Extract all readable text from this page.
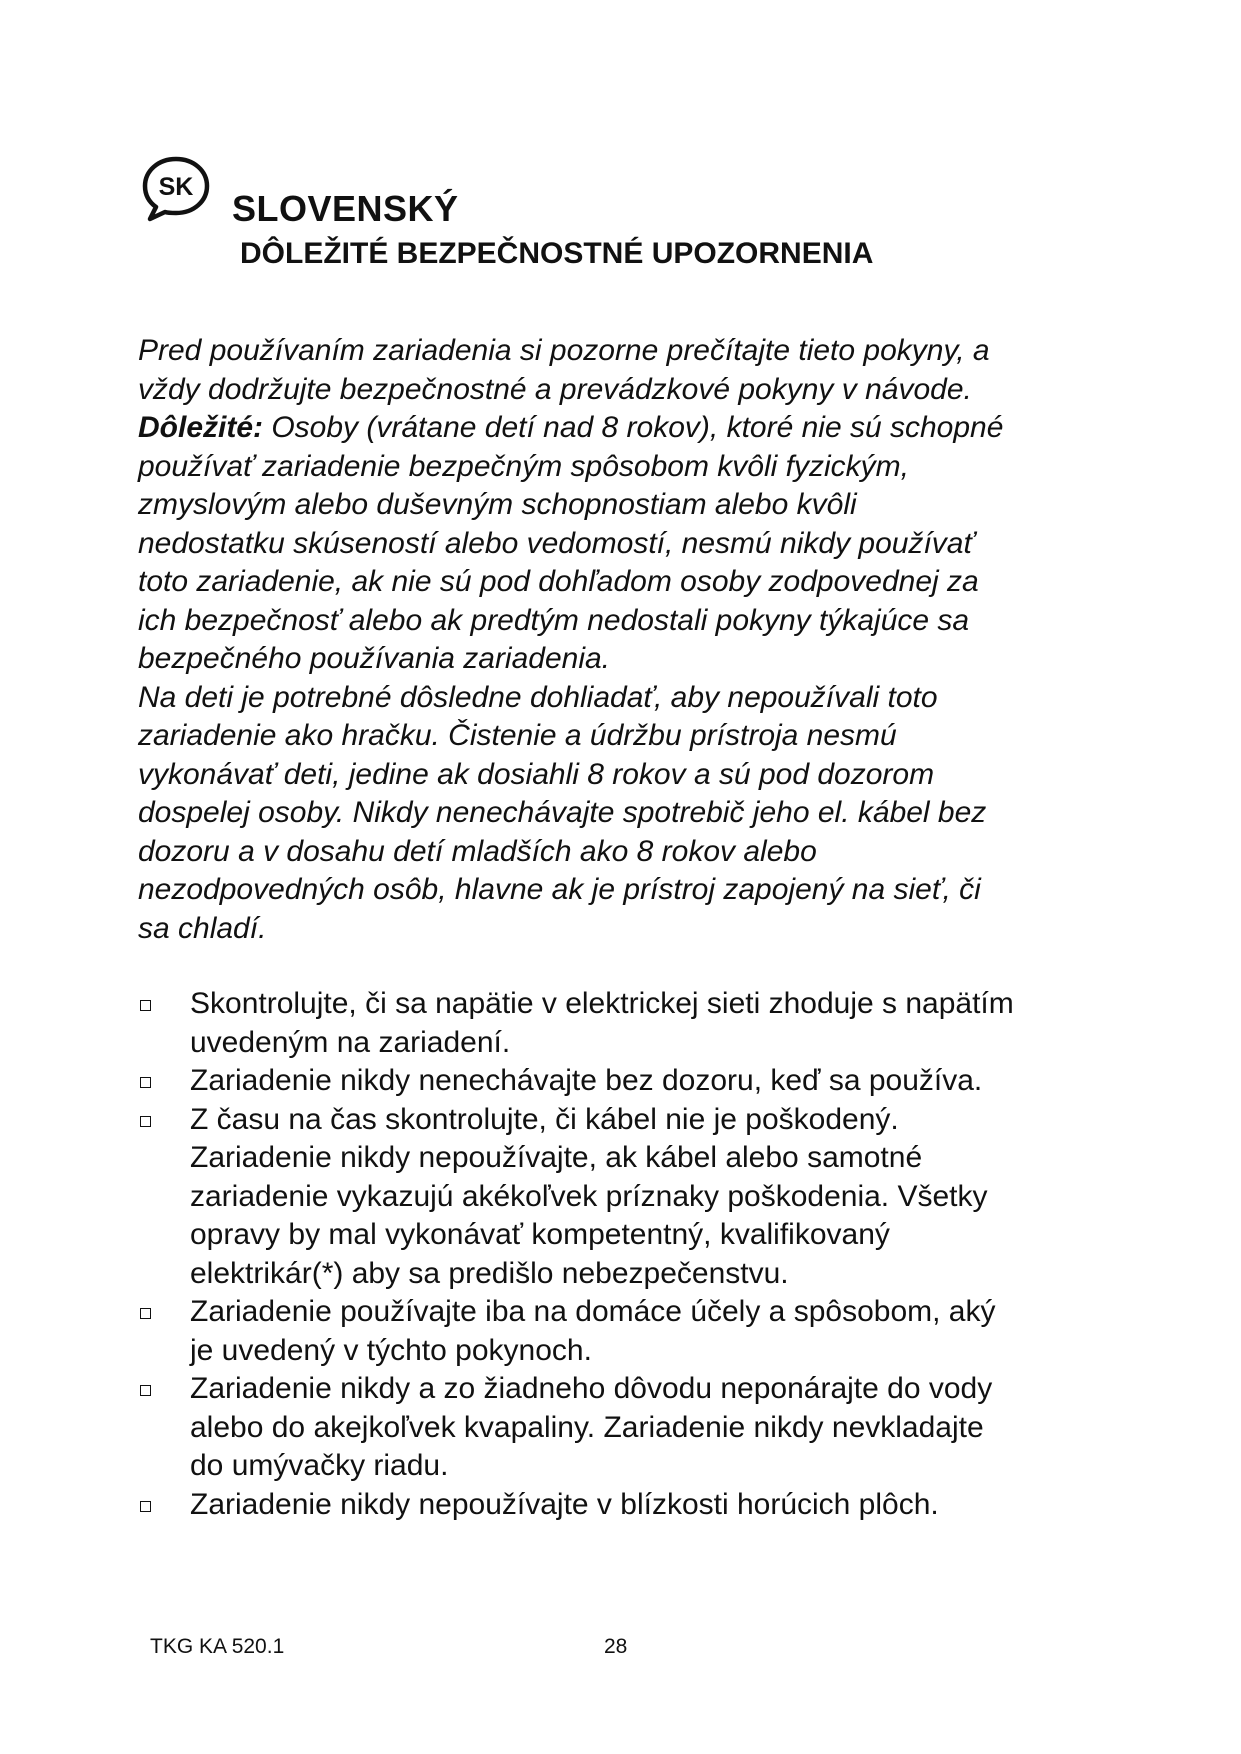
SK
SLOVENSKÝ
DÔLEŽITÉ BEZPEČNOSTNÉ UPOZORNENIA

Pred používaním zariadenia si pozorne prečítajte tieto pokyny, a

vždy dodržujte bezpečnostné a prevádzkové pokyny v návode.

Dôležité: Osoby (vrátane detí nad 8 rokov), ktoré nie sú schopné

používať zariadenie bezpečným spôsobom kvôli fyzickým,

zmyslovým alebo duševným schopnostiam alebo kvôli

nedostatku skúseností alebo vedomostí, nesmú nikdy používať

toto zariadenie, ak nie sú pod dohľadom osoby zodpovednej za

ich bezpečnosť alebo ak predtým nedostali pokyny týkajúce sa

bezpečného používania zariadenia.

Na deti je potrebné dôsledne dohliadať, aby nepoužívali toto

zariadenie ako hračku. Čistenie a údržbu prístroja nesmú

vykonávať deti, jedine ak dosiahli 8 rokov a sú pod dozorom

dospelej osoby. Nikdy nenechávajte spotrebič jeho el. kábel bez

dozoru a v dosahu detí mladších ako 8 rokov alebo

nezodpovedných osôb, hlavne ak je prístroj zapojený na sieť, či

sa chladí.

Skontrolujte, či sa napätie v elektrickej sieti zhoduje s napätím
uvedeným na zariadení.
Zariadenie nikdy nenechávajte bez dozoru, keď sa používa.
Z času na čas skontrolujte, či kábel nie je poškodený.
Zariadenie nikdy nepoužívajte, ak kábel alebo samotné
zariadenie vykazujú akékoľvek príznaky poškodenia. Všetky
opravy by mal vykonávať kompetentný, kvalifikovaný
elektrikár(*) aby sa predišlo nebezpečenstvu.
Zariadenie používajte iba na domáce účely a spôsobom, aký
je uvedený v týchto pokynoch.
Zariadenie nikdy a zo žiadneho dôvodu neponárajte do vody
alebo do akejkoľvek kvapaliny. Zariadenie nikdy nevkladajte
do umývačky riadu.
Zariadenie nikdy nepoužívajte v blízkosti horúcich plôch.
TKG KA 520.1	28
